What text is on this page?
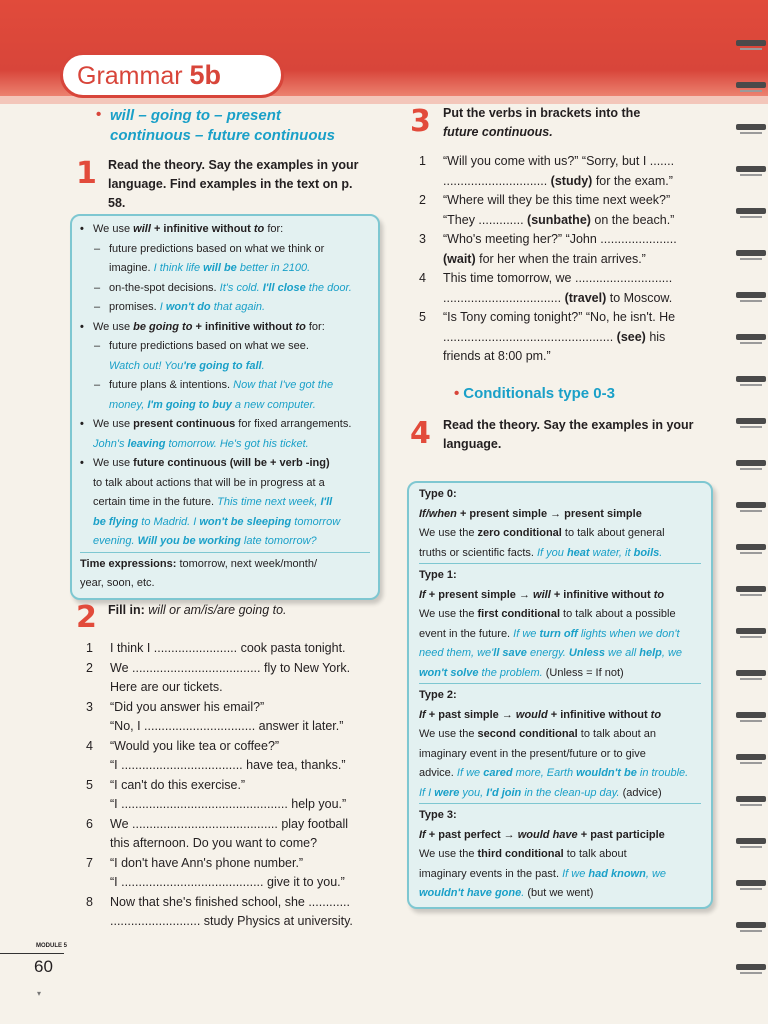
Grammar 5b
• will – going to – present
continuous – future continuous
1 Read the theory. Say the examples in your language. Find examples in the text on p. 58.

• We use will + infinitive without to for:

– future predictions based on what we think or

imagine. I think life will be better in 2100.

– on-the-spot decisions. It's cold. I'll close the door.

– promises. I won't do that again.

• We use be going to + infinitive without to for:

– future predictions based on what we see.

Watch out! You're going to fall.

– future plans & intentions. Now that I've got the

money, I'm going to buy a new computer.

• We use present continuous for fixed arrangements.

John's leaving tomorrow. He's got his ticket.

• We use future continuous (will be + verb -ing)

to talk about actions that will be in progress at a

certain time in the future. This time next week, I'll

be flying to Madrid. I won't be sleeping tomorrow

evening. Will you be working late tomorrow?

Time expressions: tomorrow, next week/month/

year, soon, etc.

2 Fill in: will or am/is/are going to.
1 I think I ........................ cook pasta tonight.
2 We ..................................... fly to New York.
Here are our tickets.
3 “Did you answer his email?”
“No, I ................................ answer it later.”
4 “Would you like tea or coffee?”
“I ................................... have tea, thanks.”
5 “I can't do this exercise.”
“I ................................................ help you.”
6 We .......................................... play football
this afternoon. Do you want to come?
7 “I don't have Ann's phone number.”
“I ......................................... give it to you.”
8 Now that she's finished school, she ............
.......................... study Physics at university.
3 Put the verbs in brackets into the
future continuous.
1 “Will you come with us?” “Sorry, but I .......
.............................. (study) for the exam.”
2 “Where will they be this time next week?”
“They ............. (sunbathe) on the beach.”
3 “Who's meeting her?” “John ......................
(wait) for her when the train arrives.”
4 This time tomorrow, we ............................
.................................. (travel) to Moscow.
5 “Is Tony coming tonight?” “No, he isn't. He
................................................. (see) his
friends at 8:00 pm.”
• Conditionals type 0-3
4 Read the theory. Say the examples in your language.

Type 0:

If/when + present simple → present simple

We use the zero conditional to talk about general

truths or scientific facts. If you heat water, it boils.

Type 1:

If + present simple → will + infinitive without to

We use the first conditional to talk about a possible

event in the future. If we turn off lights when we don't

need them, we'll save energy. Unless we all help, we

won't solve the problem. (Unless = If not)

Type 2:

If + past simple → would + infinitive without to

We use the second conditional to talk about an

imaginary event in the present/future or to give

advice. If we cared more, Earth wouldn't be in trouble.

If I were you, I'd join in the clean-up day. (advice)

Type 3:

If + past perfect → would have + past participle

We use the third conditional to talk about

imaginary events in the past. If we had known, we

wouldn't have gone. (but we went)

MODULE 5
60
▾
